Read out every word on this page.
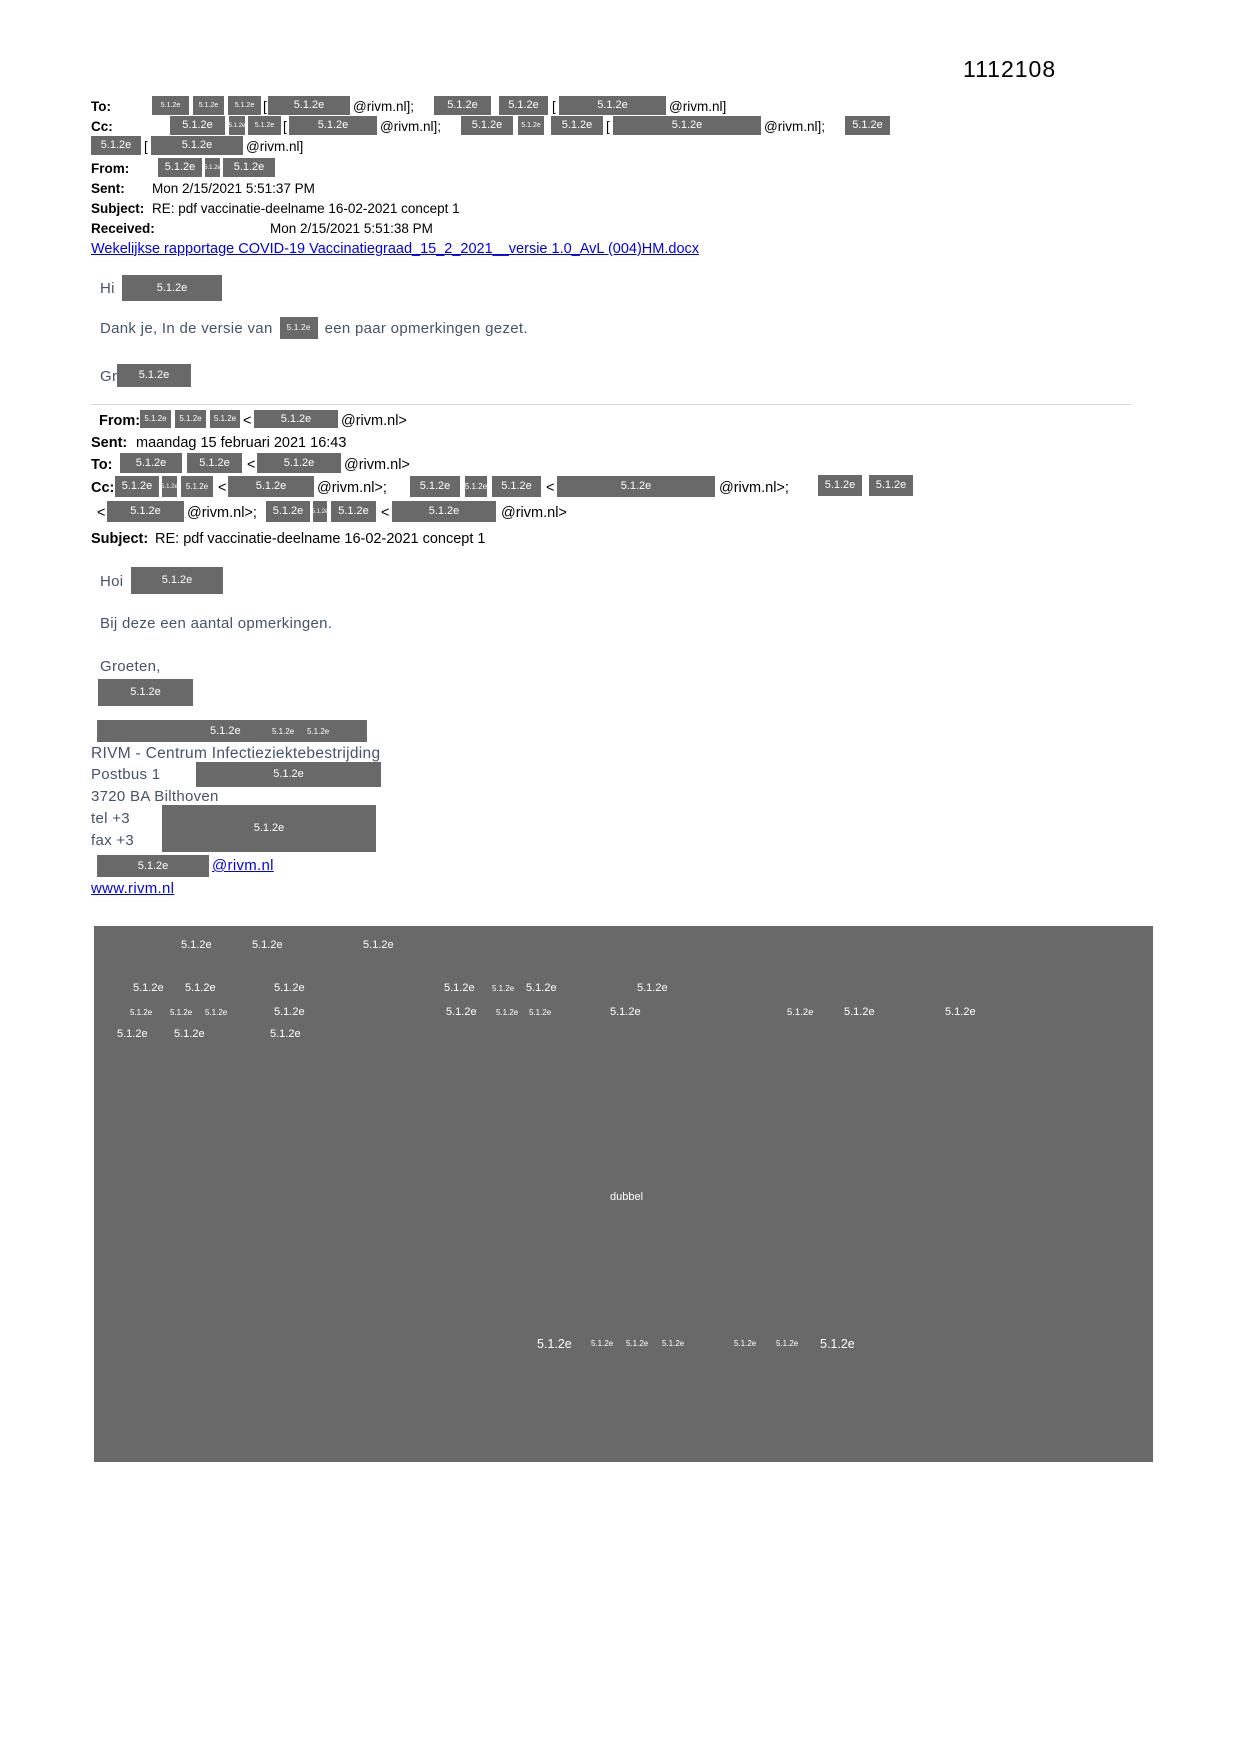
1112108
To:	5.1.2e	5.1.2e	5.1.2e [	5.1.2e	@rivm.nl];	5.1.2e	5.1.2e [	5.1.2e	@rivm.nl]
Cc:	5.1.2e	5.1.2e	5.1.2e [	5.1.2e	@rivm.nl];	5.1.2e	5.1.2e	5.1.2e	[	5.1.2e	@rivm.nl];	5.1.2e
5.1.2e [	5.1.2e	@rivm.nl]
From:	5.1.2e	5.1.2e	5.1.2e
Sent: Mon 2/15/2021 5:51:37 PM
Subject: RE: pdf vaccinatie-deelname 16-02-2021 concept 1
Received:	Mon 2/15/2021 5:51:38 PM
Wekelijkse rapportage COVID-19 Vaccinatiegraad_15_2_2021__versie 1.0_AvL (004)HM.docx
Hi	5.1.2e
Dank je, In de versie van	5.1.2e een paar opmerkingen gezet.
Gr	5.1.2e
From: 5.1.2e	5.1.2e	5.1.2e <	5.1.2e	@rivm.nl>
Sent: maandag 15 februari 2021 16:43
To:	5.1.2e	5.1.2e	<	5.1.2e	@rivm.nl>
Cc: 5.1.2e	5.1.2e	5.1.2e <	5.1.2e	@rivm.nl>;	5.1.2e	5.1.2e	5.1.2e <	5.1.2e	@rivm.nl>;	5.1.2e	5.1.2e
<	5.1.2e	@rivm.nl>;	5.1.2e	5.1.2e 5.1.2e <	5.1.2e	@rivm.nl>
Subject: RE: pdf vaccinatie-deelname 16-02-2021 concept 1
Hoi	5.1.2e
Bij deze een aantal opmerkingen.
Groeten,
5.1.2e
5.1.2e	5.1.2e 5.1.2e
RIVM - Centrum Infectieziektebestrijding
Postbus 1	5.1.2e
3720 BA Bilthoven
tel +3
fax +3
5.1.2e
5.1.2e	@rivm.nl
www.rivm.nl
5.1.2e	5.1.2e	5.1.2e
5.1.2e 5.1.2e	5.1.2e	5.1.2e 5.1.2e 5.1.2e	5.1.2e
5.1.2e 5.1.2e 5.1.2e	5.1.2e	5.1.2e 5.1.2e 5.1.2e	5.1.2e	5.1.2e	5.1.2e	5.1.2e
5.1.2e 5.1.2e	5.1.2e
dubbel
5.1.2e 5.1.2e 5.1.2e 5.1.2e	5.1.2e 5.1.2e 5.1.2e
